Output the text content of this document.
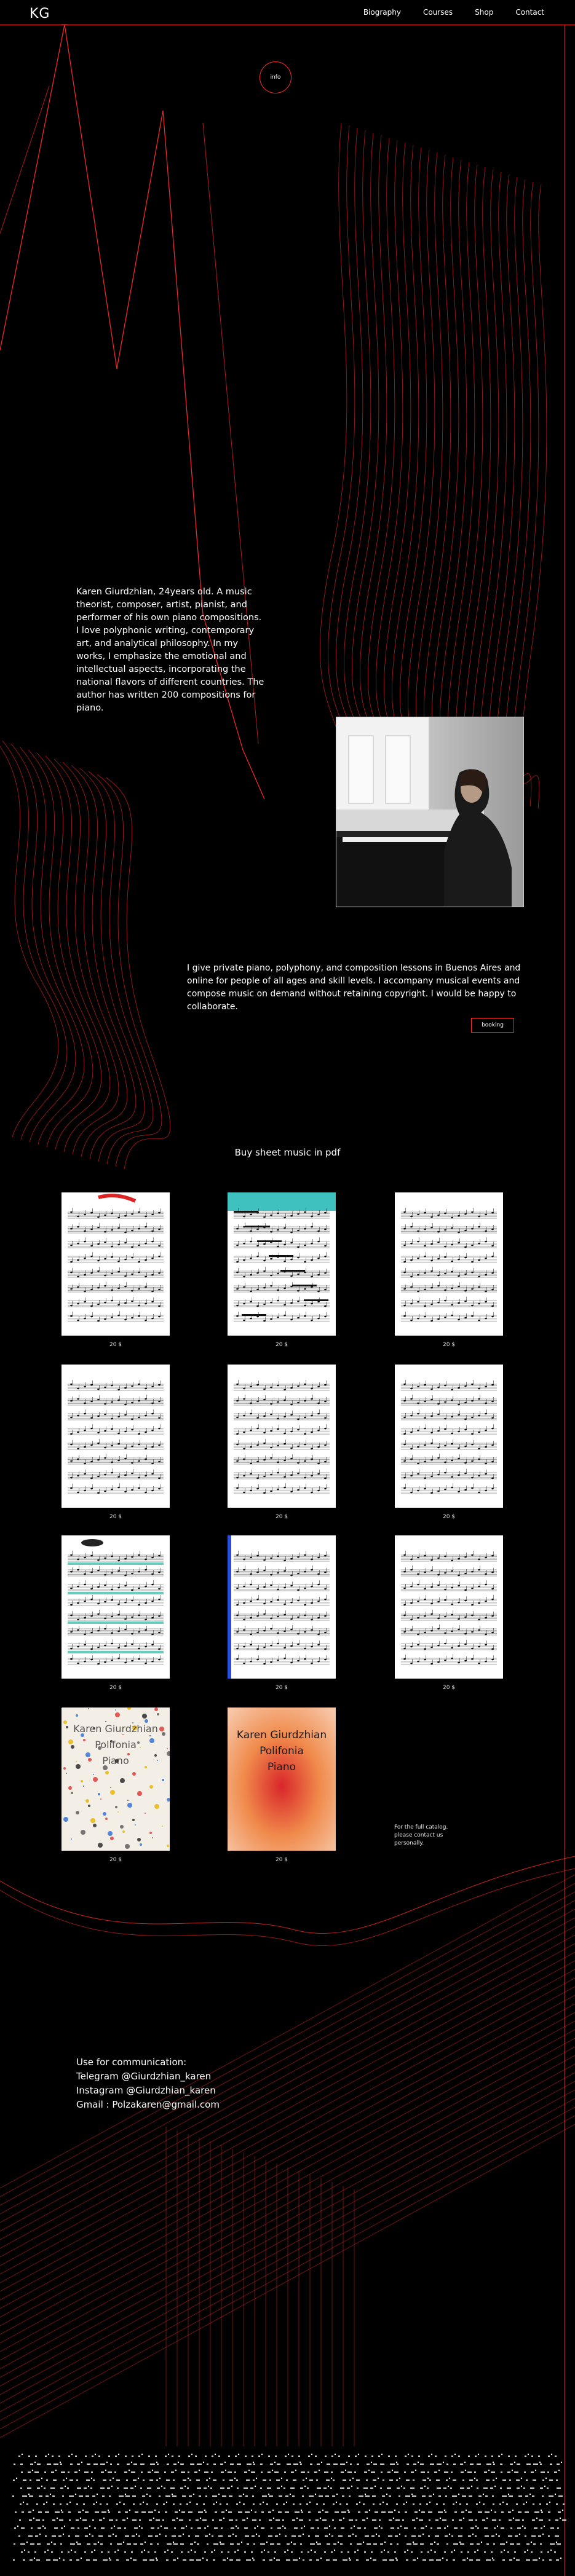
KG	Biography	Courses	Shop	Contact
info
Karen Giurdzhian, 24years old. A music theorist, composer, artist, pianist, and performer of his own piano compositions. I love polyphonic writing, contemporary art, and analytical philosophy. In my works, I emphasize the emotional and intellectual aspects, incorporating the national flavors of different countries. The author has written 200 compositions for piano.
I give private piano, polyphony, and composition lessons in Buenos Aires and online for people of all ages and skill levels. I accompany musical events and compose music on demand without retaining copyright. I would be happy to collaborate.
booking
Buy sheet music in pdf
20 $	20 $	20 $
20 $	20 $	20 $
20 $	20 $	20 $
Karen Giurdzhian
Polifonia
Piano
20 $
Karen Giurdzhian
Polifonia
Piano
20 $
For the full catalog, please contact us personally.
Use for communication:
Telegram @Giurdzhian_karen
Instagram @Giurdzhian_karen
Gmail : Polzakaren@gmail.com
